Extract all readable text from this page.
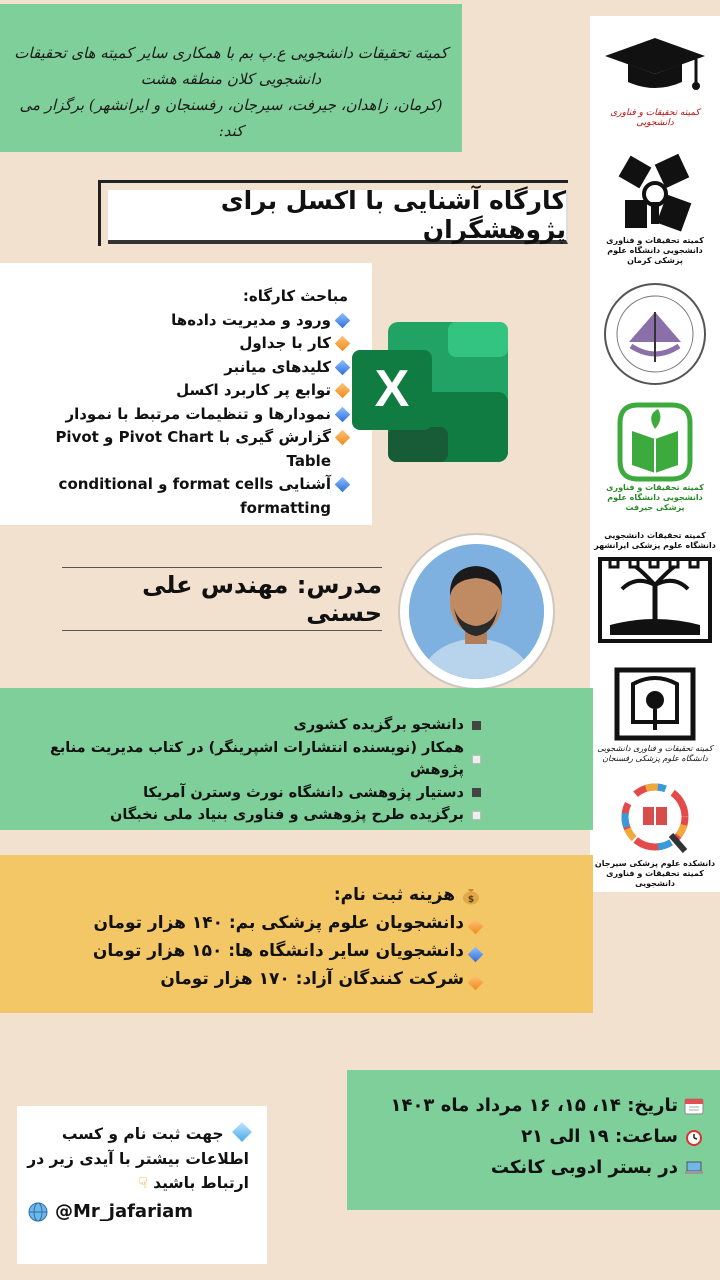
کمیته تحقیقات دانشجویی ع.پ بم با همکاری سایر کمیته های تحقیقات دانشجویی کلان منطقه هشت
(کرمان، زاهدان، جیرفت، سیرجان، رفسنجان و ایرانشهر) برگزار می کند:
کمیته تحقیقات و فناوری دانشجویی
کمیته تحقیقات و فناوری دانشجویی دانشگاه علوم پزشکی کرمان
کمیته تحقیقات و فناوری دانشجویی دانشگاه علوم پزشکی جیرفت
کمیته تحقیقات دانشجویی دانشگاه علوم پزشکی ایرانشهر
کمیته تحقیقات و فناوری دانشجویی دانشگاه علوم پزشکی رفسنجان
دانشکده علوم پزشکی سیرجان کمیته تحقیقات و فناوری دانشجویی
کارگاه آشنایی با اکسل برای پژوهشگران
مباحث کارگاه:
ورود و مدیریت داده‌ها
کار با جداول
کلیدهای میانبر
توابع پر کاربرد اکسل
نمودارها و تنظیمات مرتبط با نمودار
گزارش گیری با Pivot Chart و Pivot Table
آشنایی format cells و conditional formatting
X
مدرس: مهندس علی حسنی
دانشجو برگزیده کشوری
همکار (نویسنده انتشارات اشپرینگر) در کتاب مدیریت منابع پژوهش
دستیار پژوهشی دانشگاه نورث وسترن آمریکا
برگزیده طرح پژوهشی و فناوری بنیاد ملی نخبگان
$
هزینه ثبت نام:
دانشجویان علوم پزشکی بم: ۱۴۰ هزار تومان
دانشجویان سایر دانشگاه ها: ۱۵۰ هزار تومان
شرکت کنندگان آزاد: ۱۷۰ هزار تومان
تاریخ: ۱۴، ۱۵، ۱۶ مرداد ماه ۱۴۰۳
ساعت: ۱۹ الی ۲۱
در بستر ادوبی کانکت
جهت ثبت نام و کسب اطلاعات بیشتر با آیدی زیر در ارتباط باشید ☟
@Mr_jafariam
